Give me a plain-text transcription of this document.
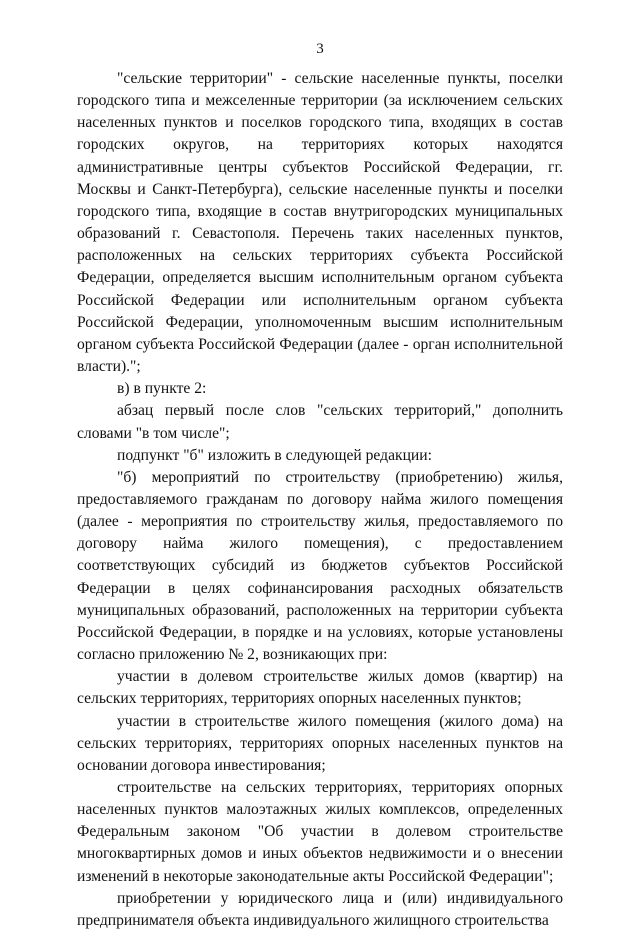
3

"сельские территории" - сельские населенные пункты, поселки городского типа и межселенные территории (за исключением сельских населенных пунктов и поселков городского типа, входящих в состав городских округов, на территориях которых находятся административные центры субъектов Российской Федерации, гг. Москвы и Санкт-Петербурга), сельские населенные пункты и поселки городского типа, входящие в состав внутригородских муниципальных образований г. Севастополя. Перечень таких населенных пунктов, расположенных на сельских территориях субъекта Российской Федерации, определяется высшим исполнительным органом субъекта Российской Федерации или исполнительным органом субъекта Российской Федерации, уполномоченным высшим исполнительным органом субъекта Российской Федерации (далее - орган исполнительной власти).";

в) в пункте 2:

абзац первый после слов "сельских территорий," дополнить словами "в том числе";

подпункт "б" изложить в следующей редакции:

"б) мероприятий по строительству (приобретению) жилья, предоставляемого гражданам по договору найма жилого помещения (далее - мероприятия по строительству жилья, предоставляемого по договору найма жилого помещения), с предоставлением соответствующих субсидий из бюджетов субъектов Российской Федерации в целях софинансирования расходных обязательств муниципальных образований, расположенных на территории субъекта Российской Федерации, в порядке и на условиях, которые установлены согласно приложению № 2, возникающих при:

участии в долевом строительстве жилых домов (квартир) на сельских территориях, территориях опорных населенных пунктов;

участии в строительстве жилого помещения (жилого дома) на сельских территориях, территориях опорных населенных пунктов на основании договора инвестирования;

строительстве на сельских территориях, территориях опорных населенных пунктов малоэтажных жилых комплексов, определенных Федеральным законом "Об участии в долевом строительстве многоквартирных домов и иных объектов недвижимости и о внесении изменений в некоторые законодательные акты Российской Федерации";

приобретении у юридического лица и (или) индивидуального предпринимателя объекта индивидуального жилищного строительства
